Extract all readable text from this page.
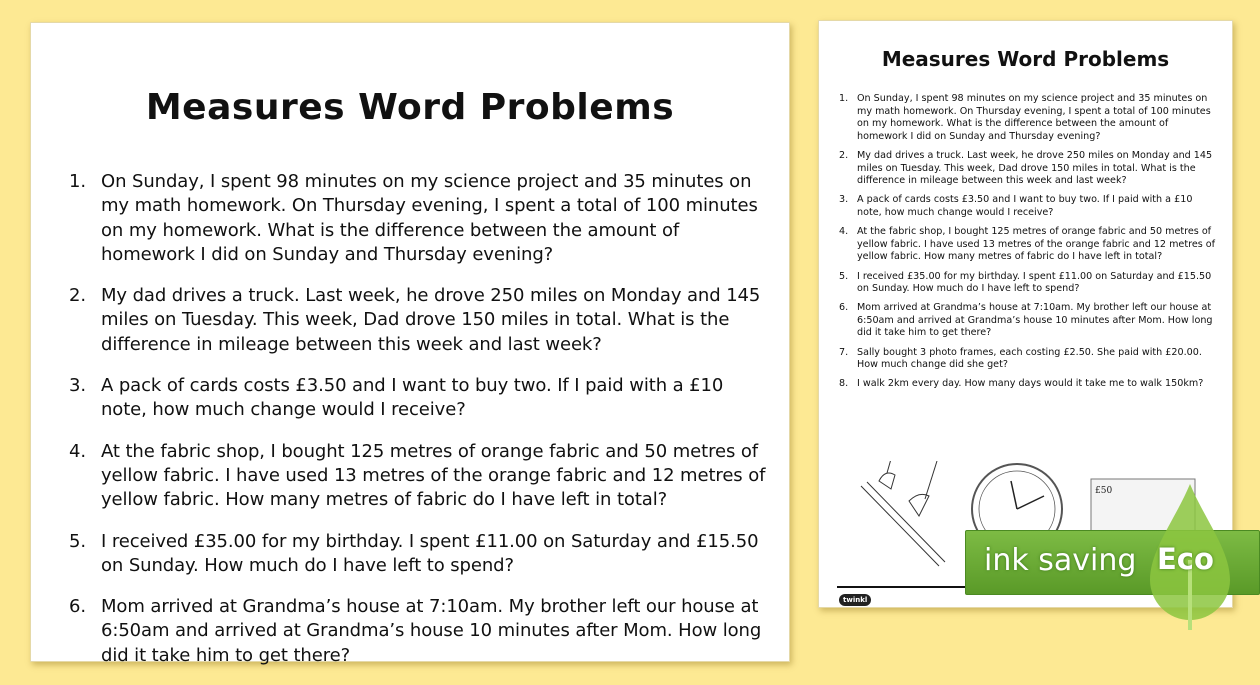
Measures Word Problems
1. On Sunday, I spent 98 minutes on my science project and 35 minutes on my math homework. On Thursday evening, I spent a total of 100 minutes on my homework. What is the difference between the amount of homework I did on Sunday and Thursday evening?
2. My dad drives a truck. Last week, he drove 250 miles on Monday and 145 miles on Tuesday. This week, Dad drove 150 miles in total. What is the difference in mileage between this week and last week?
3. A pack of cards costs £3.50 and I want to buy two. If I paid with a £10 note, how much change would I receive?
4. At the fabric shop, I bought 125 metres of orange fabric and 50 metres of yellow fabric. I have used 13 metres of the orange fabric and 12 metres of yellow fabric. How many metres of fabric do I have left in total?
5. I received £35.00 for my birthday. I spent £11.00 on Saturday and £15.50 on Sunday. How much do I have left to spend?
6. Mom arrived at Grandma’s house at 7:10am. My brother left our house at 6:50am and arrived at Grandma’s house 10 minutes after Mom. How long did it take him to get there?
Measures Word Problems
1. On Sunday, I spent 98 minutes on my science project and 35 minutes on my math homework. On Thursday evening, I spent a total of 100 minutes on my homework. What is the difference between the amount of homework I did on Sunday and Thursday evening?
2. My dad drives a truck. Last week, he drove 250 miles on Monday and 145 miles on Tuesday. This week, Dad drove 150 miles in total. What is the difference in mileage between this week and last week?
3. A pack of cards costs £3.50 and I want to buy two. If I paid with a £10 note, how much change would I receive?
4. At the fabric shop, I bought 125 metres of orange fabric and 50 metres of yellow fabric. I have used 13 metres of the orange fabric and 12 metres of yellow fabric. How many metres of fabric do I have left in total?
5. I received £35.00 for my birthday. I spent £11.00 on Saturday and £15.50 on Sunday. How much do I have left to spend?
6. Mom arrived at Grandma’s house at 7:10am. My brother left our house at 6:50am and arrived at Grandma’s house 10 minutes after Mom. How long did it take him to get there?
7. Sally bought 3 photo frames, each costing £2.50. She paid with £20.00. How much change did she get?
8. I walk 2km every day. How many days would it take me to walk 150km?
£50
twinkl
ink saving Eco
